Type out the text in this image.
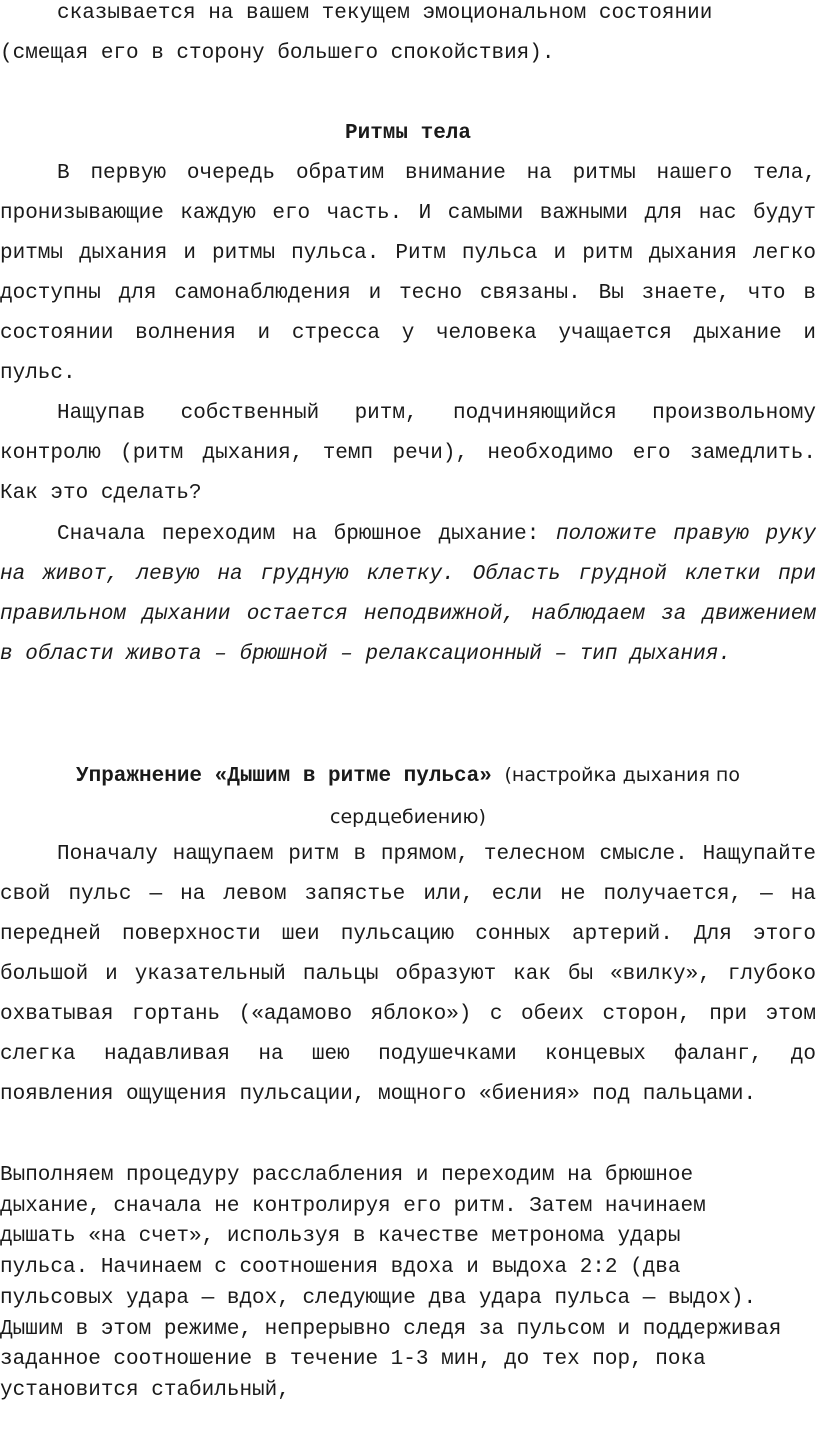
сказывается на вашем текущем эмоциональном состоянии
(смещая его в сторону большего спокойствия).

Ритмы тела

В первую очередь обратим внимание на ритмы нашего тела, пронизывающие каждую его часть. И самыми важными для нас будут ритмы дыхания и ритмы пульса. Ритм пульса и ритм дыхания легко доступны для самонаблюдения и тесно связаны. Вы знаете, что в состоянии волнения и стресса у человека учащается дыхание и пульс.

Нащупав собственный ритм, подчиняющийся произвольному контролю (ритм дыхания, темп речи), необходимо его замедлить. Как это сделать?

Сначала переходим на брюшное дыхание: положите правую руку на живот, левую на грудную клетку. Область грудной клетки при правильном дыхании остается неподвижной, наблюдаем за движением в области живота – брюшной – релаксационный – тип дыхания.

Упражнение «Дышим в ритме пульса» (настройка дыхания по
сердцебиению)

Поначалу нащупаем ритм в прямом, телесном смысле. Нащупайте свой пульс — на левом запястье или, если не получается, — на передней поверхности шеи пульсацию сонных артерий. Для этого большой и указательный пальцы образуют как бы «вилку», глубоко охватывая гортань («адамово яблоко») с обеих сторон, при этом слегка надавливая на шею подушечками концевых фаланг, до появления ощущения пульсации, мощного «биения» под пальцами.

Выполняем процедуру расслабления и переходим на брюшное
дыхание, сначала не контролируя его ритм. Затем начинаем
дышать «на счет», используя в качестве метронома удары
пульса. Начинаем с соотношения вдоха и выдоха 2:2 (два
пульсовых удара — вдох, следующие два удара пульса — выдох).
Дышим в этом режиме, непрерывно следя за пульсом и поддерживая
заданное соотношение в течение 1-3 мин, до тех пор, пока
установится стабильный,
